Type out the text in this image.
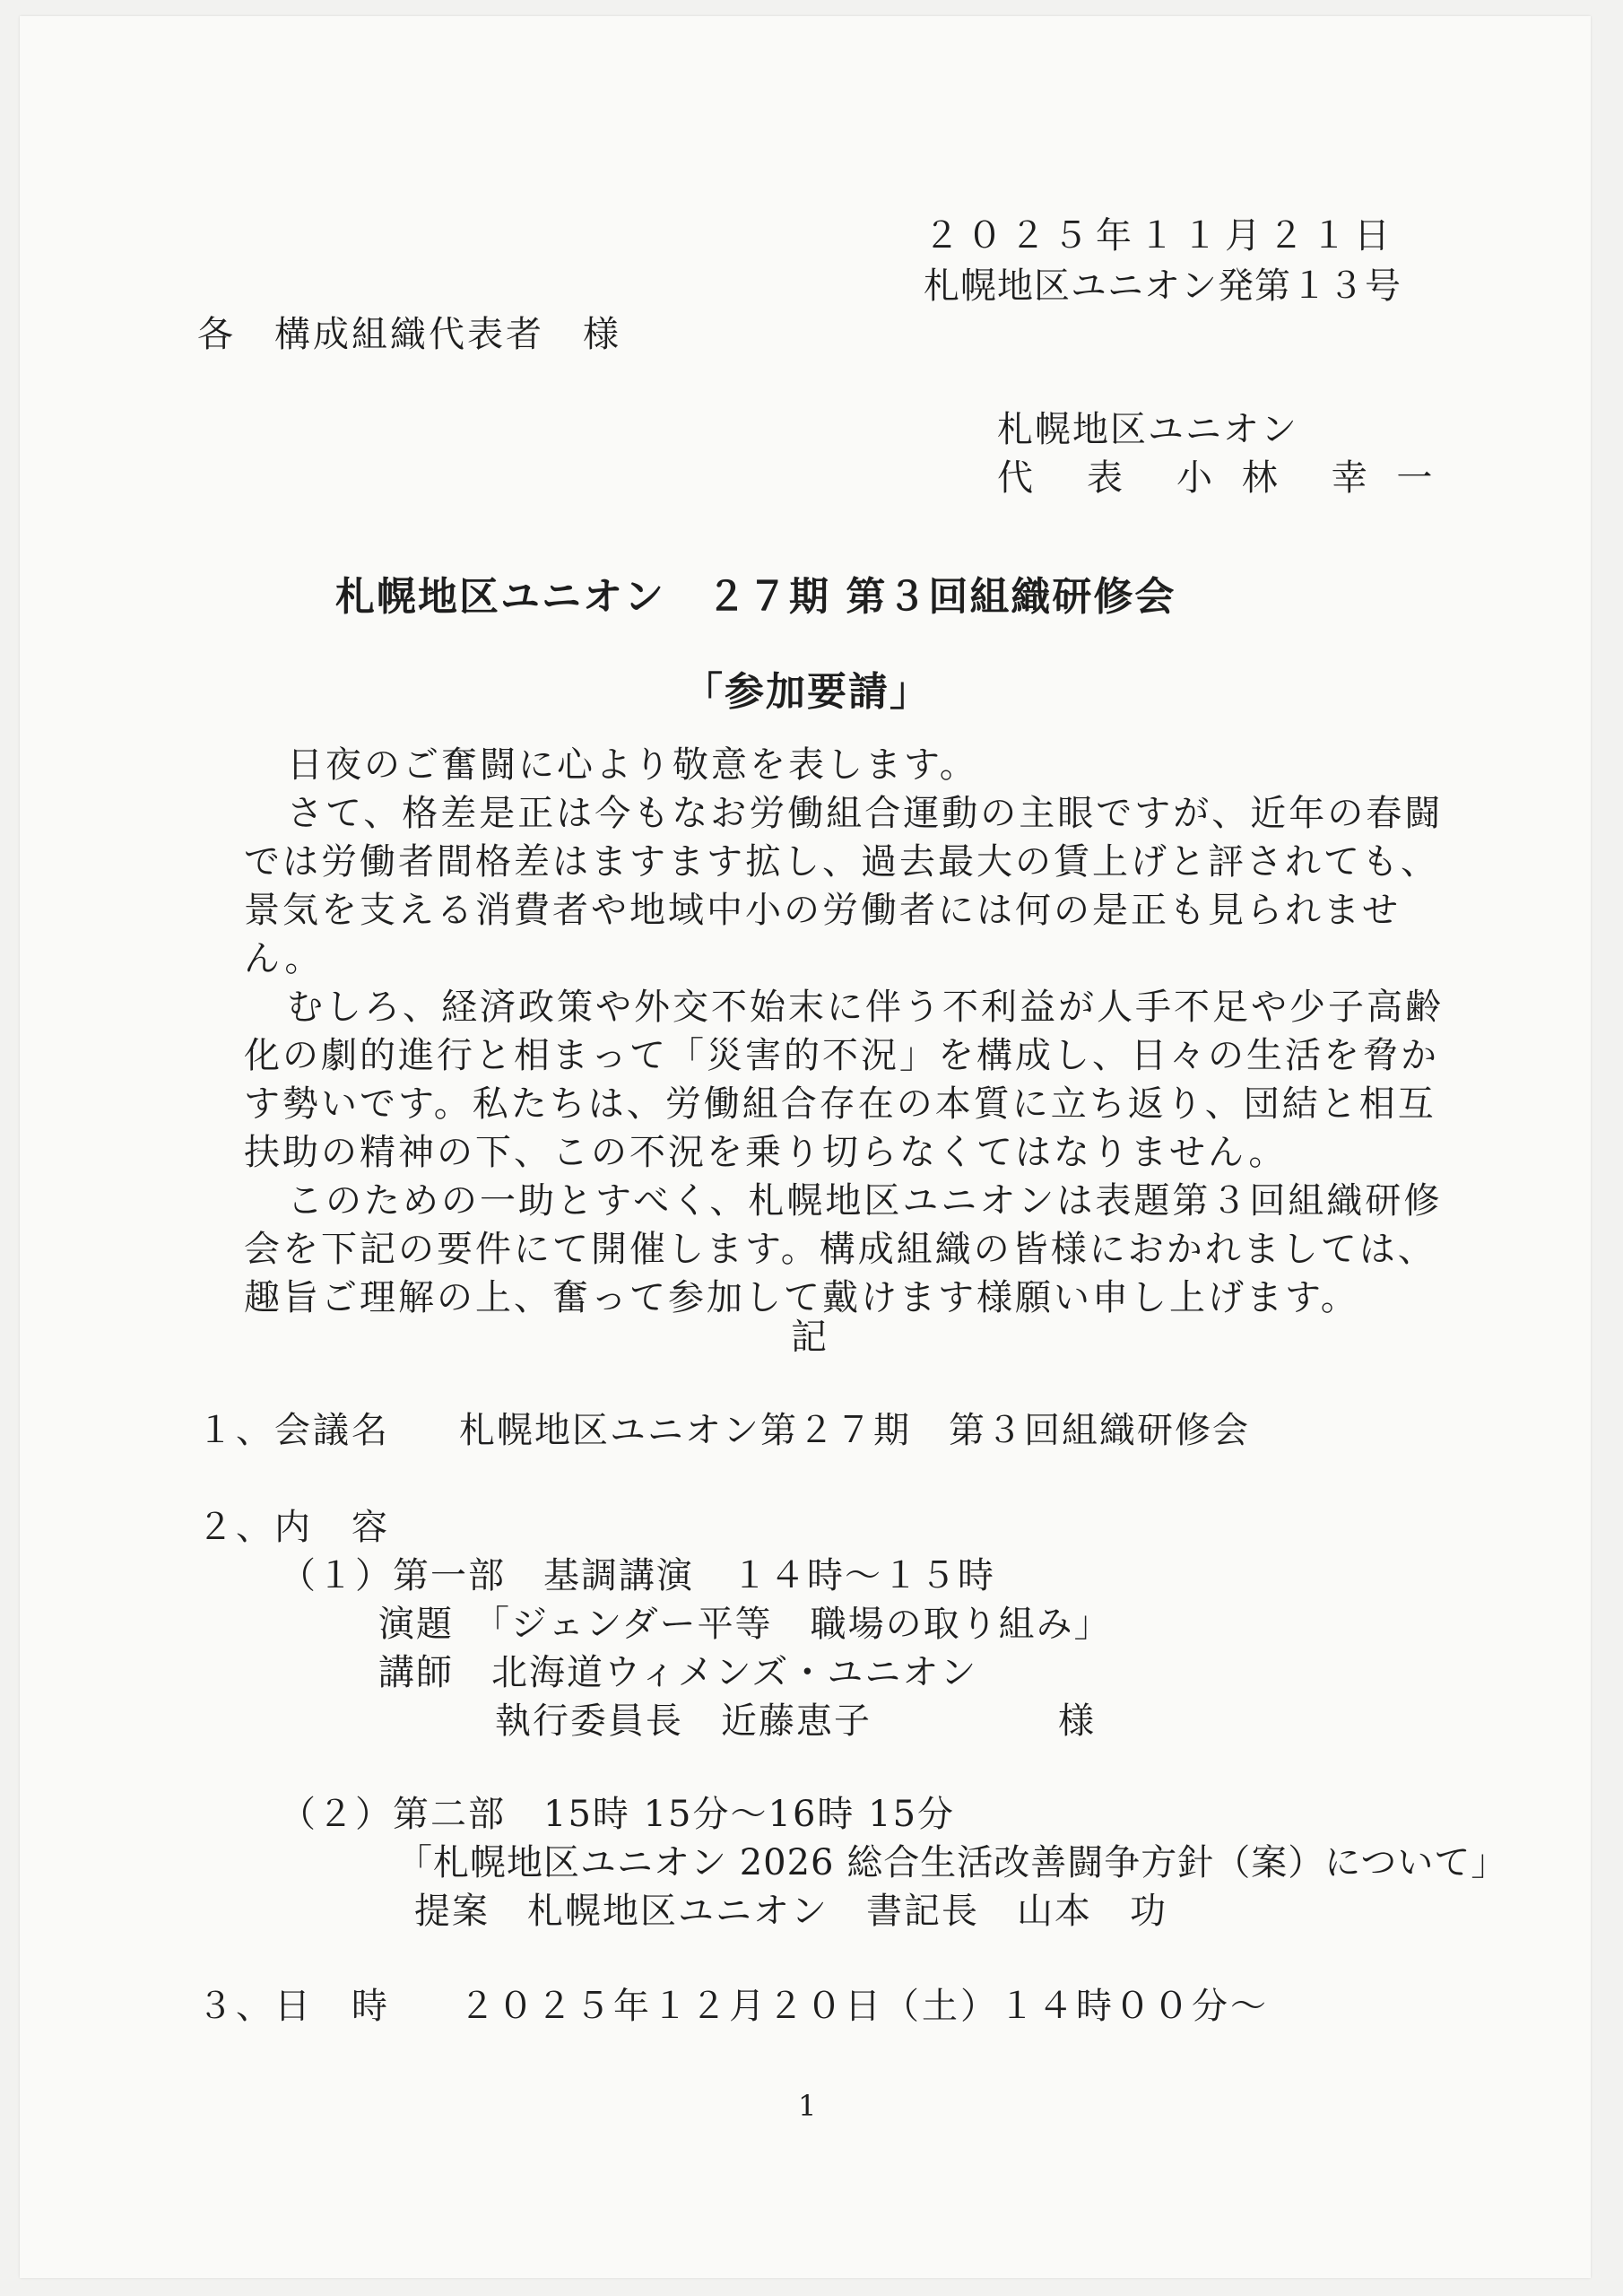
２０２５年１１月２１日
札幌地区ユニオン発第１３号
各　構成組織代表者　様
札幌地区ユニオン
代　表　小 林　幸 一
札幌地区ユニオン　２７期 第３回組織研修会
「参加要請」

日夜のご奮闘に心より敬意を表します。

さて、格差是正は今もなお労働組合運動の主眼ですが、近年の春闘では労働者間格差はますます拡し、過去最大の賃上げと評されても、景気を支える消費者や地域中小の労働者には何の是正も見られません。

むしろ、経済政策や外交不始末に伴う不利益が人手不足や少子高齢化の劇的進行と相まって「災害的不況」を構成し、日々の生活を脅かす勢いです。私たちは、労働組合存在の本質に立ち返り、団結と相互扶助の精神の下、この不況を乗り切らなくてはなりません。

このための一助とすべく、札幌地区ユニオンは表題第３回組織研修会を下記の要件にて開催します。構成組織の皆様におかれましては、趣旨ご理解の上、奮って参加して戴けます様願い申し上げます。

記
１、会議名 札幌地区ユニオン第２７期　第３回組織研修会
２、内　容
（１）第一部　基調講演　１４時～１５時
演題　「ジェンダー平等　職場の取り組み」
講師　北海道ウィメンズ・ユニオン
執行委員長　近藤恵子	様
（２）第二部　15時 15分～16時 15分
「札幌地区ユニオン 2026 総合生活改善闘争方針（案）について」
提案　札幌地区ユニオン　書記長　山本　功
３、日　時 ２０２５年１２月２０日（土）１４時００分～
1
